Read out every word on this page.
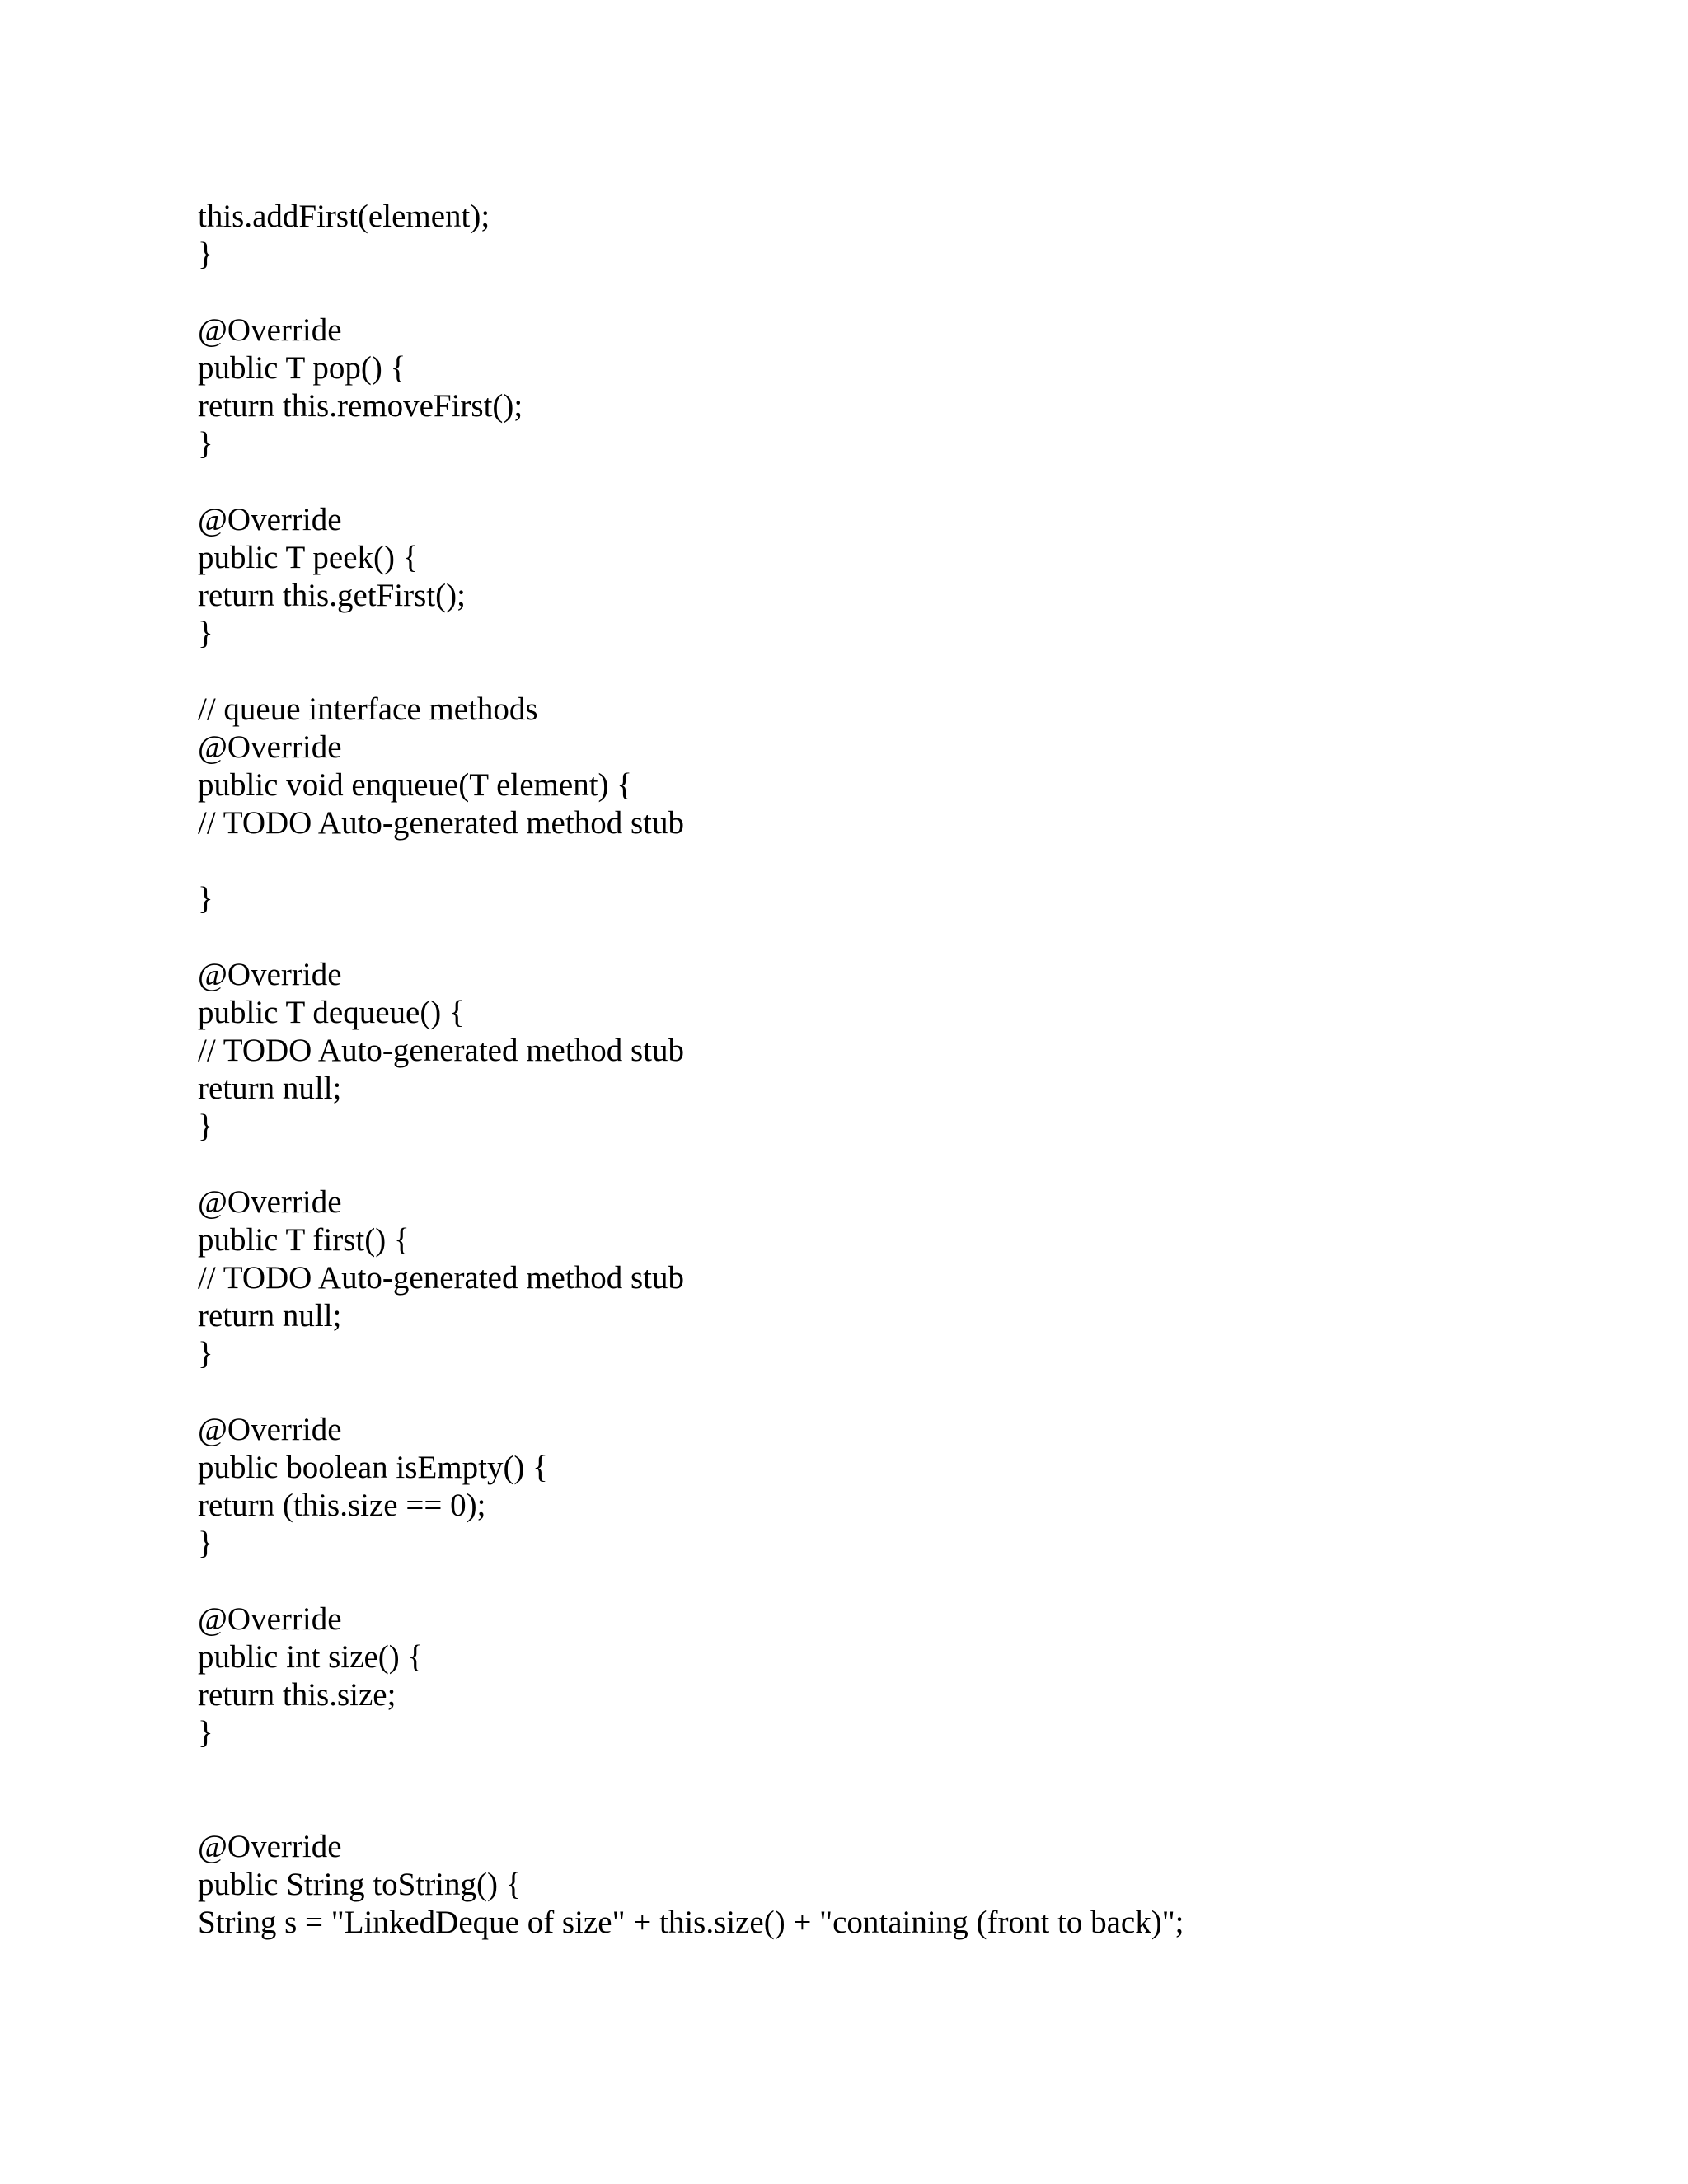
this.addFirst(element);
}
@Override
public T pop() {
return this.removeFirst();
}
@Override
public T peek() {
return this.getFirst();
}
// queue interface methods
@Override
public void enqueue(T element) {
// TODO Auto-generated method stub
}
@Override
public T dequeue() {
// TODO Auto-generated method stub
return null;
}
@Override
public T first() {
// TODO Auto-generated method stub
return null;
}
@Override
public boolean isEmpty() {
return (this.size == 0);
}
@Override
public int size() {
return this.size;
}
@Override
public String toString() {
String s = "LinkedDeque of size" + this.size() + "containing (front to back)";
